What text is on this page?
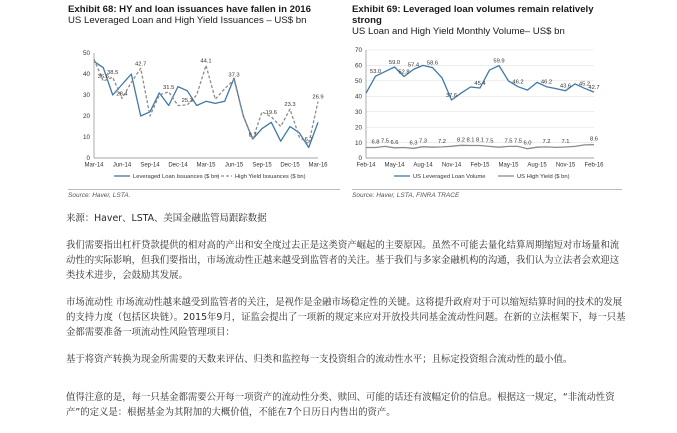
Exhibit 68: HY and loan issuances have fallen in 2016

US Leveraged Loan and High Yield Issuances – US$ bn

0
10
20
30
40
50
Mar-14 Jun-14 Sep-14 Dec-14 Mar-15 Jun-15 Sep-15 Dec-15 Mar-16
36.6
38.5
28.4
42.7
31.5
25.3
44.1
37.3
8.7
19.6
23.3
6.7
26.9
Leveraged Loan Issuances ($ bn)	High Yield Issuances ($ bn)
Source: Haver, LSTA.

Exhibit 69: Leveraged loan volumes remain relatively strong

US Loan and High Yield Monthly Volume– US$ bn

0
10
20
30
40
50
60
70
Feb-14 May-14 Aug-14 Nov-14 Feb-15 May-15 Aug-15 Nov-15 Feb-16
53.0
59.0
52.8
57.4 58.6
37.6
45.4
59.9
46.2	46.2
43.6 45.2
42.7
6.8 7.5 6.6 6.3 7.3 7.2 8.2 8.1 8.1 7.5 7.5 7.5 6.0 7.2 7.1	8.6
US Leveraged Loan Volume	US High Yield ($ bn)
Source: Haver, LSTA, FINRA TRACE

来源：Haver、LSTA、美国金融监管局跟踪数据

我们需要指出杠杆贷款提供的相对高的产出和安全度过去正是这类资产崛起的主要原因。虽然不可能去量化结算周期缩短对市场量和流动性的实际影响，但我们要指出，市场流动性正越来越受到监管者的关注。基于我们与多家金融机构的沟通，我们认为立法者会欢迎这类技术进步，会鼓励其发展。

市场流动性 市场流动性越来越受到监管者的关注，是视作是金融市场稳定性的关键。这将提升政府对于可以缩短结算时间的技术的发展的支持力度（包括区块链）。2015年9月，证监会提出了一项新的规定来应对开放投共同基金流动性问题。在新的立法框架下，每一只基金都需要准备一项流动性风险管理项目：

基于将资产转换为现金所需要的天数来评估、归类和监控每一支投资组合的流动性水平；且标定投资组合流动性的最小值。

值得注意的是，每一只基金都需要公开每一项资产的流动性分类、赎回、可能的话还有波幅定价的信息。根据这一规定，“非流动性资产”的定义是：根据基金为其附加的大概价值，不能在7个日历日内售出的资产。
